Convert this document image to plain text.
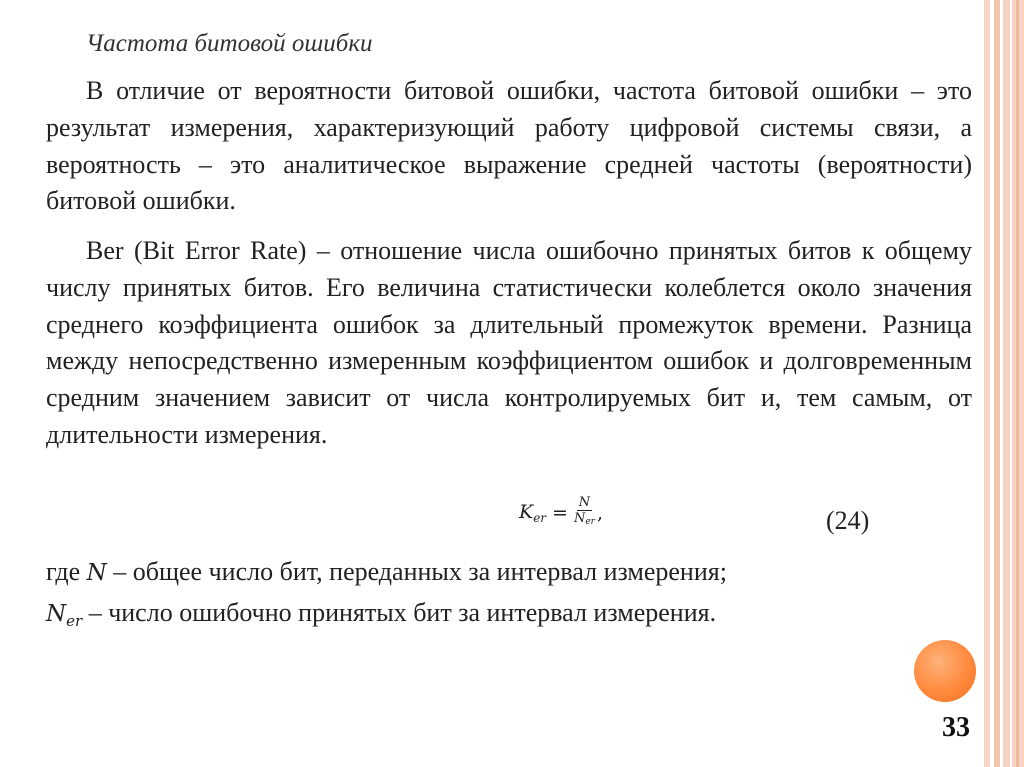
Частота битовой ошибки

В отличие от вероятности битовой ошибки, частота битовой ошибки – это результат измерения, характеризующий работу цифровой системы связи, а вероятность – это аналитическое выражение средней частоты (вероятности) битовой ошибки.

Ber (Bit Error Rate) – отношение числа ошибочно принятых битов к общему числу принятых битов. Его величина статистически колеблется около значения среднего коэффициента ошибок за длительный промежуток времени. Разница между непосредственно измеренным коэффициентом ошибок и долговременным средним значением зависит от числа контролируемых бит и, тем самым, от длительности измерения.

$K_{er} = \frac{N}{\text{Ner}}$ ,	(24)
где N – общее число бит, переданных за интервал измерения;
$N_{er}$ – число ошибочно принятых бит за интервал измерения.
33
